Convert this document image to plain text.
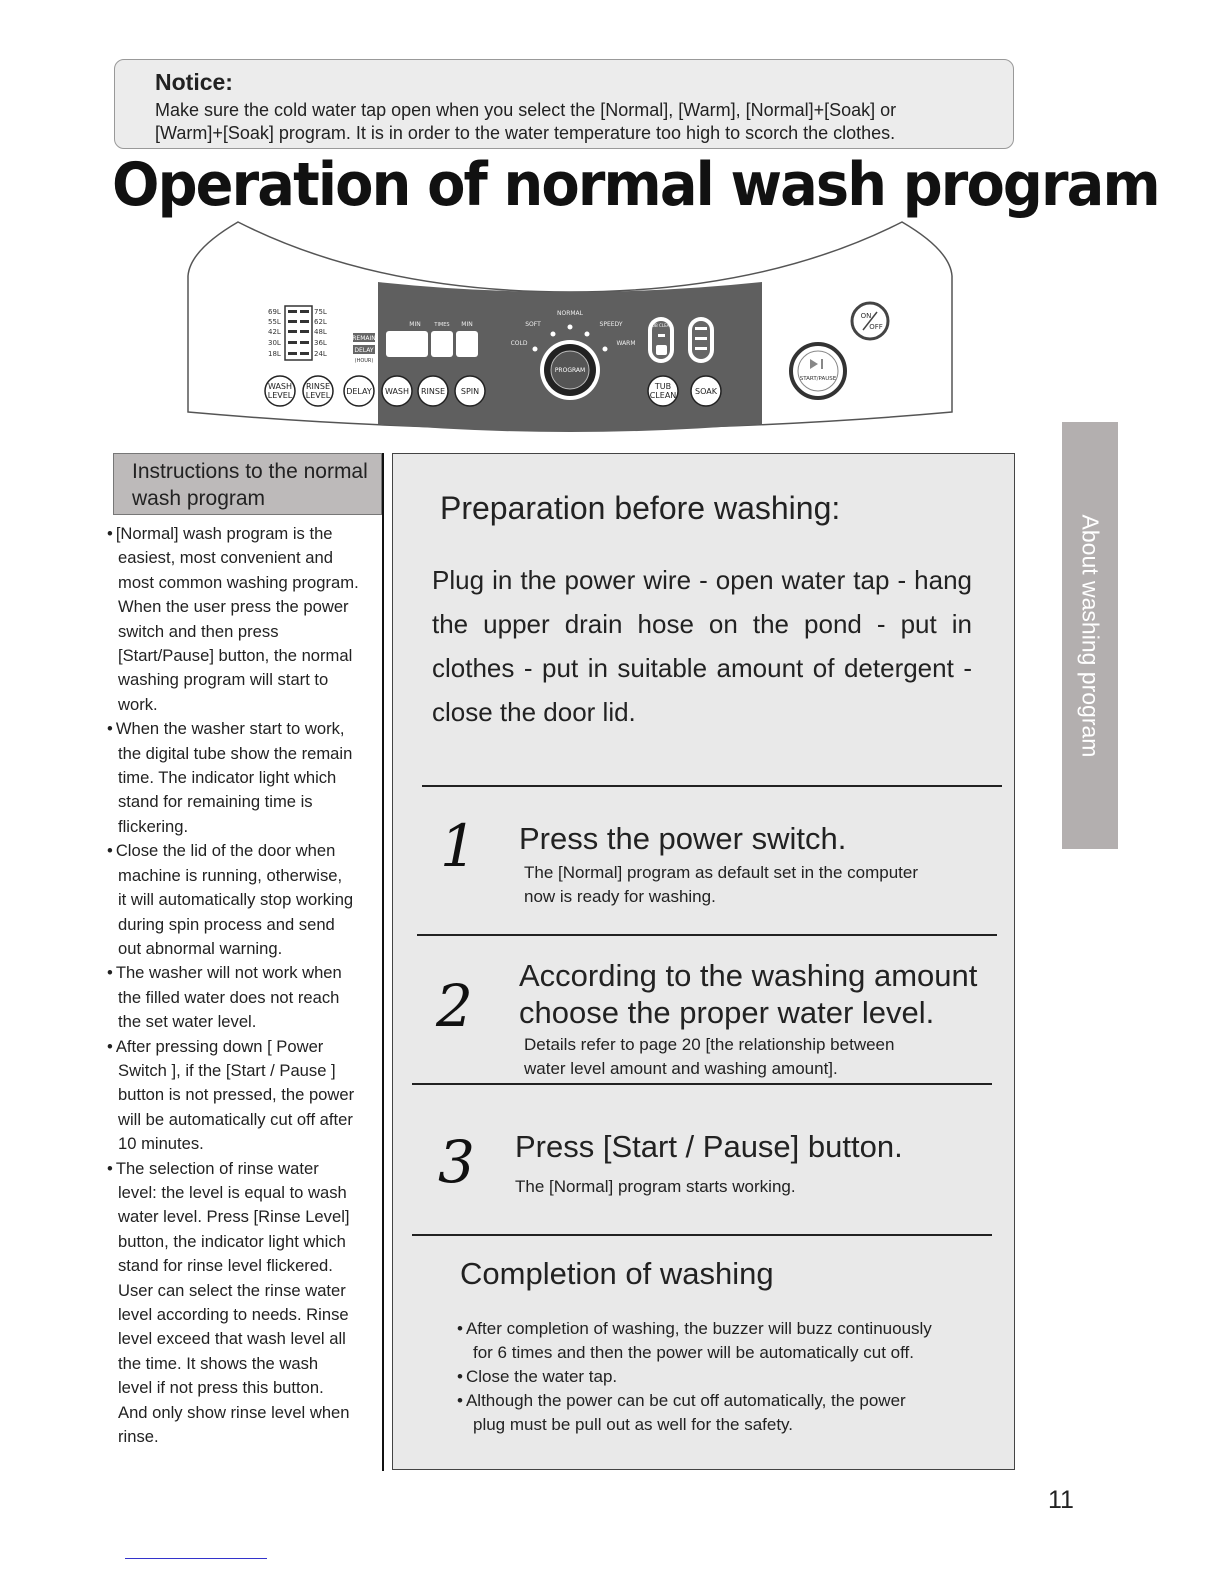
Notice:

Make sure the cold water tap open when you select the [Normal], [Warm], [Normal]+[Soak] or

[Warm]+[Soak] program. It is in order to the water temperature too high to scorch the clothes.

Operation of normal wash program
69L
55L
42L
30L
18L
75L
62L
48L
36L
24L
REMAIN
DELAY
(HOUR)
MIN	TIMES MIN
NORMAL
SOFT	SPEEDY
COLD	WARM
PROGRAM
TUB CLEAN
WASH
LEVEL
RINSE
LEVEL DELAY WASH RINSE SPIN
TUB
CLEAN SOAK
ON
OFF
START/PAUSE
Instructions to the normal
wash program

• [Normal] wash program is the

easiest, most convenient and

most common washing program.

When the user press the power

switch and then press

[Start/Pause] button, the normal

washing program will start to

work.

• When the washer start to work,

the digital tube show the remain

time. The indicator light which

stand for remaining time is

flickering.

• Close the lid of the door when

machine is running, otherwise,

it will automatically stop working

during spin process and send

out abnormal warning.

• The washer will not work when

the filled water does not reach

the set water level.

• After pressing down [ Power

Switch ], if the [Start / Pause ]

button is not pressed, the power

will be automatically cut off after

10 minutes.

• The selection of rinse water

level: the level is equal to wash

water level. Press [Rinse Level]

button, the indicator light which

stand for rinse level flickered.

User can select the rinse water

level according to needs. Rinse

level exceed that wash level all

the time. It shows the wash

level if not press this button.

And only show rinse level when

rinse.

Preparation before washing:

Plug in the power wire - open water tap - hang the upper drain hose on the pond - put in clothes - put in suitable amount of detergent - close the door lid.

1 Press the power switch.

The [Normal] program as default set in the computer

now is ready for washing.

2 According to the washing amount
choose the proper water level.

Details refer to page 20 [the relationship between

water level amount and washing amount].

3 Press [Start / Pause] button.

The [Normal] program starts working.

Completion of washing

• After completion of washing, the buzzer will buzz continuously

for 6 times and then the power will be automatically cut off.

• Close the water tap.

• Although the power can be cut off automatically, the power

plug must be pull out as well for the safety.

About washing program
11
